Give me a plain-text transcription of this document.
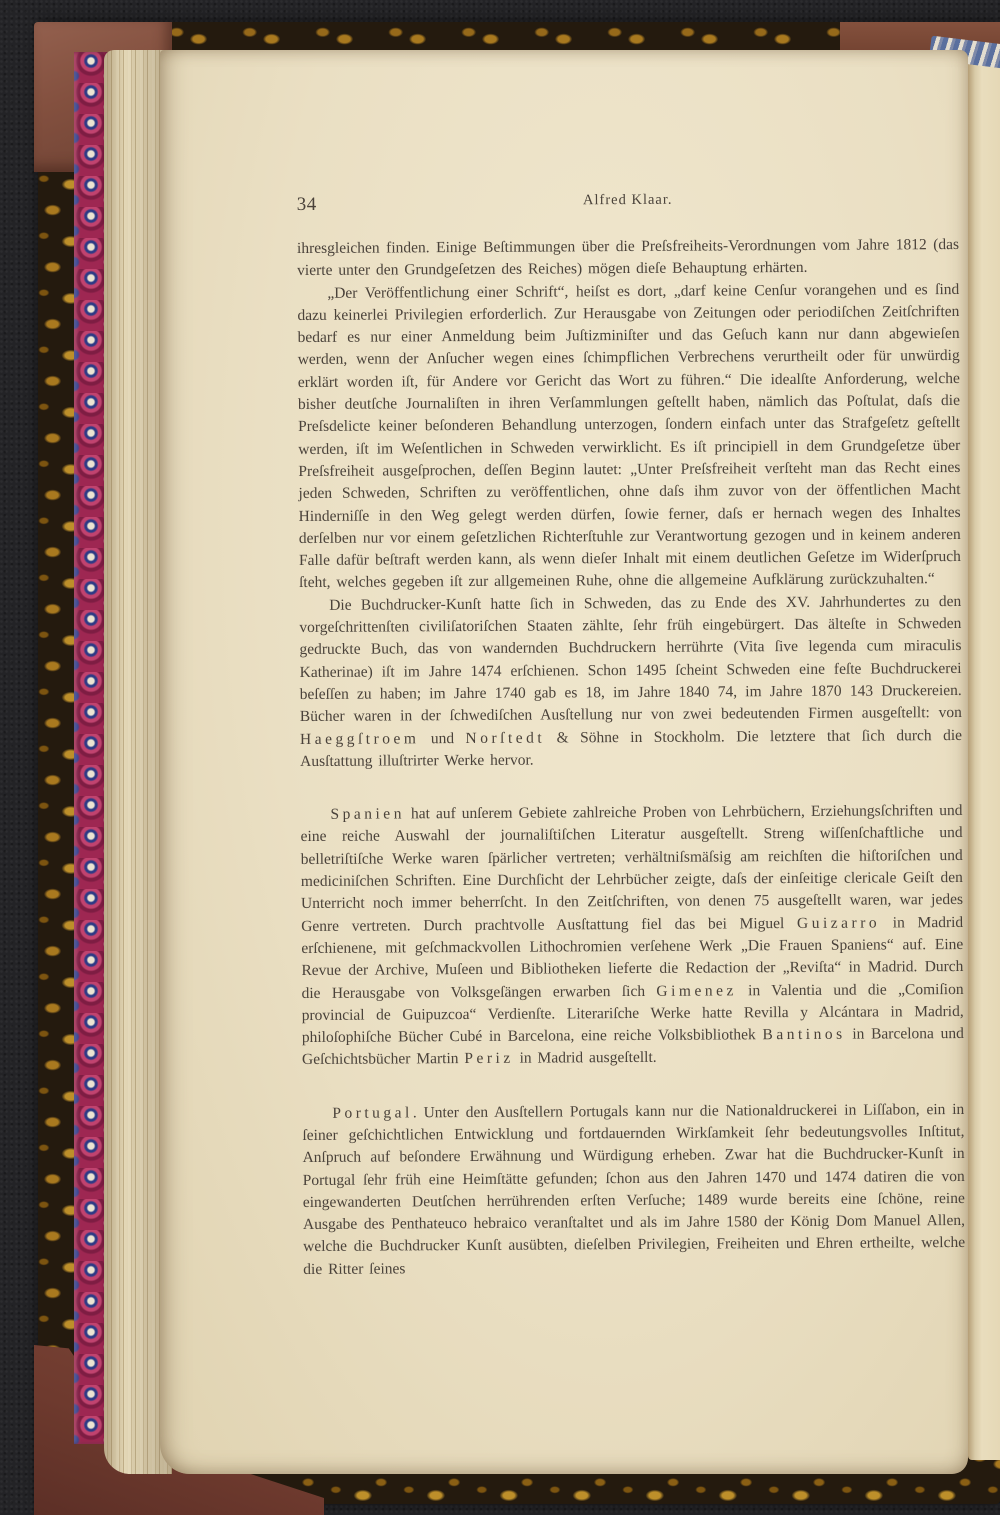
34	Alfred Klaar.

ihresgleichen finden. Einige Beſtimmungen über die Preſsfreiheits-Verordnungen vom Jahre 1812 (das vierte unter den Grundgeſetzen des Reiches) mögen dieſe Behauptung erhärten.

„Der Veröffentlichung einer Schrift“, heiſst es dort, „darf keine Cenſur vorangehen und es ſind dazu keinerlei Privilegien erforderlich. Zur Herausgabe von Zeitungen oder periodiſchen Zeitſchriften bedarf es nur einer Anmeldung beim Juſtizminiſter und das Geſuch kann nur dann abgewieſen werden, wenn der Anſucher wegen eines ſchimpflichen Verbrechens verurtheilt oder für unwürdig erklärt worden iſt, für Andere vor Gericht das Wort zu führen.“ Die idealſte Anforderung, welche bisher deutſche Journaliſten in ihren Verſammlungen geſtellt haben, nämlich das Poſtulat, daſs die Preſsdelicte keiner beſonderen Behandlung unterzogen, ſondern einfach unter das Strafgeſetz geſtellt werden, iſt im Weſentlichen in Schweden verwirklicht. Es iſt principiell in dem Grundgeſetze über Preſsfreiheit ausgeſprochen, deſſen Beginn lautet: „Unter Preſsfreiheit verſteht man das Recht eines jeden Schweden, Schriften zu veröffentlichen, ohne daſs ihm zuvor von der öffentlichen Macht Hinderniſſe in den Weg gelegt werden dürfen, ſowie ferner, daſs er hernach wegen des Inhaltes derſelben nur vor einem geſetzlichen Richterſtuhle zur Verantwortung gezogen und in keinem anderen Falle dafür beſtraft werden kann, als wenn dieſer Inhalt mit einem deutlichen Geſetze im Widerſpruch ſteht, welches gegeben iſt zur allgemeinen Ruhe, ohne die allgemeine Aufklärung zurückzuhalten.“

Die Buchdrucker-Kunſt hatte ſich in Schweden, das zu Ende des XV. Jahrhundertes zu den vorgeſchrittenſten civiliſatoriſchen Staaten zählte, ſehr früh eingebürgert. Das älteſte in Schweden gedruckte Buch, das von wandernden Buchdruckern herrührte (Vita ſive legenda cum miraculis Katherinae) iſt im Jahre 1474 erſchienen. Schon 1495 ſcheint Schweden eine feſte Buchdruckerei beſeſſen zu haben; im Jahre 1740 gab es 18, im Jahre 1840 74, im Jahre 1870 143 Druckereien. Bücher waren in der ſchwediſchen Ausſtellung nur von zwei bedeutenden Firmen ausgeſtellt: von Haeggſtroem und Norſtedt & Söhne in Stockholm. Die letztere that ſich durch die Ausſtattung illuſtrirter Werke hervor.

Spanien hat auf unſerem Gebiete zahlreiche Proben von Lehrbüchern, Erziehungsſchriften und eine reiche Auswahl der journaliſtiſchen Literatur ausgeſtellt. Streng wiſſenſchaftliche und belletriſtiſche Werke waren ſpärlicher vertreten; verhältniſsmäſsig am reichſten die hiſtoriſchen und mediciniſchen Schriften. Eine Durchſicht der Lehrbücher zeigte, daſs der einſeitige clericale Geiſt den Unterricht noch immer beherrſcht. In den Zeitſchriften, von denen 75 ausgeſtellt waren, war jedes Genre vertreten. Durch prachtvolle Ausſtattung fiel das bei Miguel Guizarro in Madrid erſchienene, mit geſchmackvollen Lithochromien verſehene Werk „Die Frauen Spaniens“ auf. Eine Revue der Archive, Muſeen und Bibliotheken lieferte die Redaction der „Reviſta“ in Madrid. Durch die Herausgabe von Volksgeſängen erwarben ſich Gimenez in Valentia und die „Comiſion provincial de Guipuzcoa“ Verdienſte. Literariſche Werke hatte Revilla y Alcántara in Madrid, philoſophiſche Bücher Cubé in Barcelona, eine reiche Volksbibliothek Bantinos in Barcelona und Geſchichtsbücher Martin Periz in Madrid ausgeſtellt.

Portugal. Unter den Ausſtellern Portugals kann nur die Nationaldruckerei in Liſſabon, ein in ſeiner geſchichtlichen Entwicklung und fortdauernden Wirkſamkeit ſehr bedeutungsvolles Inſtitut, Anſpruch auf beſondere Erwähnung und Würdigung erheben. Zwar hat die Buchdrucker-Kunſt in Portugal ſehr früh eine Heimſtätte gefunden; ſchon aus den Jahren 1470 und 1474 datiren die von eingewanderten Deutſchen herrührenden erſten Verſuche; 1489 wurde bereits eine ſchöne, reine Ausgabe des Penthateuco hebraico veranſtaltet und als im Jahre 1580 der König Dom Manuel Allen, welche die Buchdrucker Kunſt ausübten, dieſelben Privilegien, Freiheiten und Ehren ertheilte, welche die Ritter ſeines
